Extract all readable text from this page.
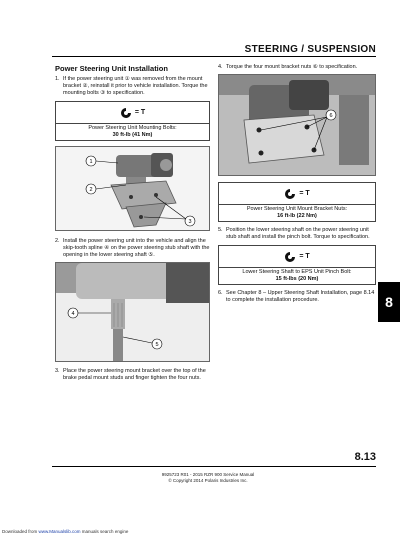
STEERING / SUSPENSION
Power Steering Unit Installation
1. If the power steering unit ① was removed from the mount bracket ②, reinstall it prior to vehicle installation. Torque the mounting bolts ③ to specification.
= T
Power Steering Unit Mounting Bolts:
30 ft-lb (41 Nm)
1
2
3
2. Install the power steering unit into the vehicle and align the skip-tooth spline ④ on the power steering stub shaft with the opening in the lower steering shaft ⑤.
4
5
3. Place the power steering mount bracket over the top of the brake pedal mount studs and finger tighten the four nuts.
4. Torque the four mount bracket nuts ⑥ to specification.
6
= T
Power Steering Unit Mount Bracket Nuts:
16 ft-lb (22 Nm)
5. Position the lower steering shaft on the power steering unit stub shaft and install the pinch bolt. Torque to specification.
= T
Lower Steering Shaft to EPS Unit Pinch Bolt:
15 ft-lbs (20 Nm)
6. See Chapter 8 – Upper Steering Shaft Installation, page 8.14 to complete the installation procedure.	8
8.13
9925723 R01 - 2015 RZR 900 Service Manual
© Copyright 2014 Polaris Industries Inc.
Downloaded from www.Manualslib.com manuals search engine
